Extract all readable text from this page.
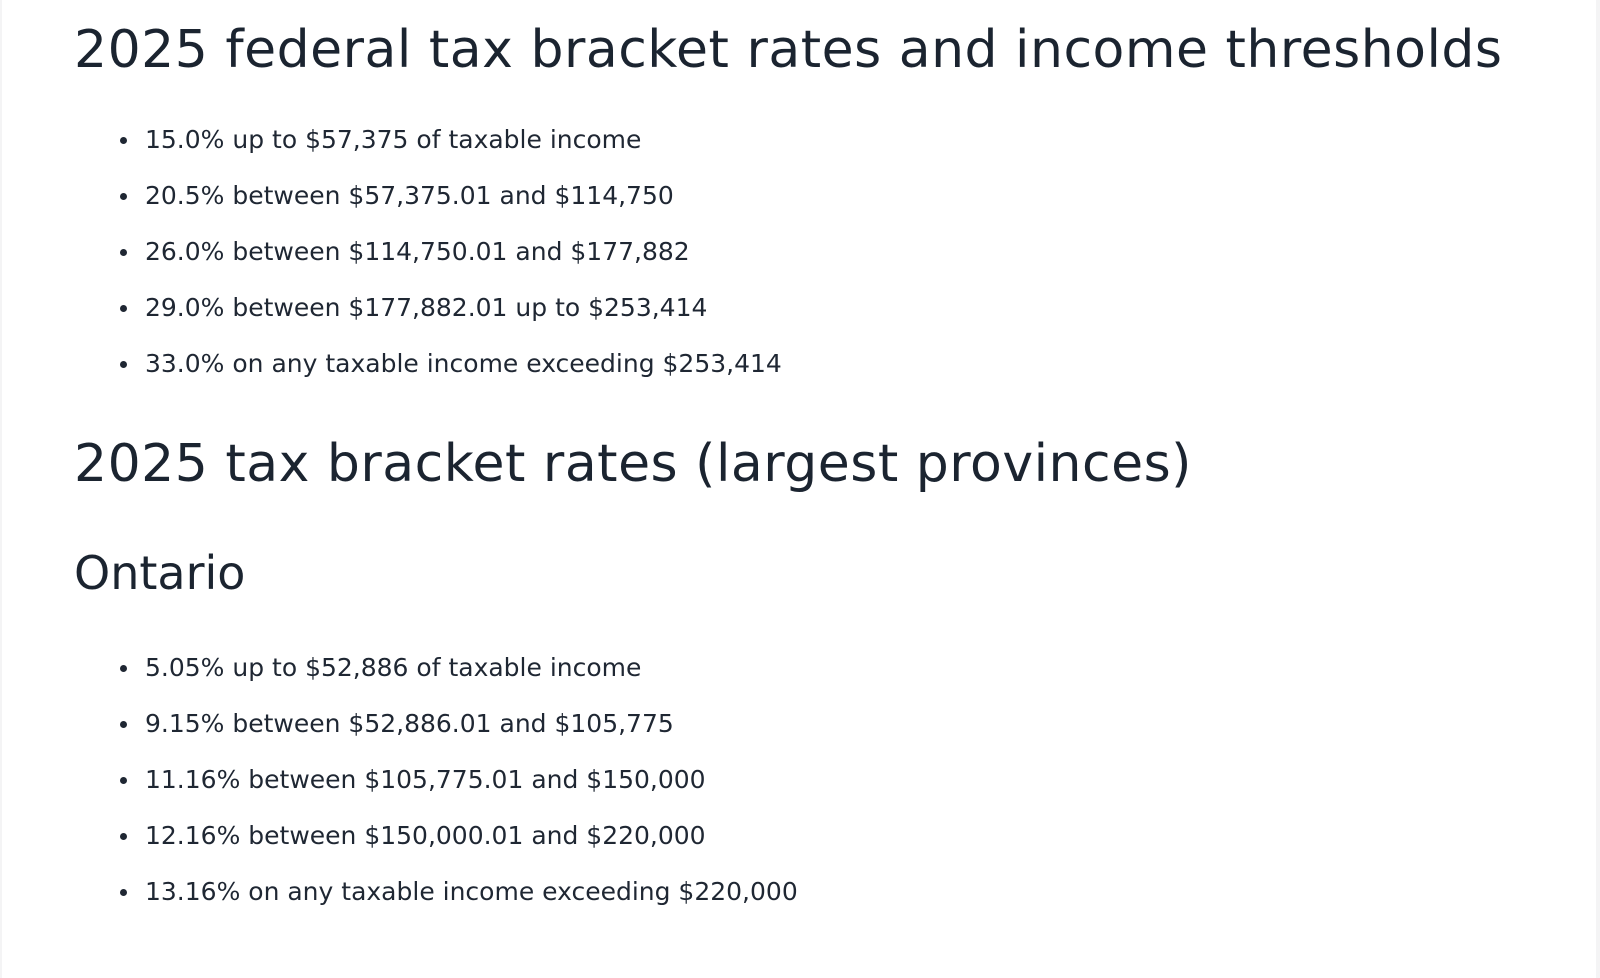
2025 federal tax bracket rates and income thresholds
15.0% up to $57,375 of taxable income
20.5% between $57,375.01 and $114,750
26.0% between $114,750.01 and $177,882
29.0% between $177,882.01 up to $253,414
33.0% on any taxable income exceeding $253,414
2025 tax bracket rates (largest provinces)
Ontario
5.05% up to $52,886 of taxable income
9.15% between $52,886.01 and $105,775
11.16% between $105,775.01 and $150,000
12.16% between $150,000.01 and $220,000
13.16% on any taxable income exceeding $220,000
